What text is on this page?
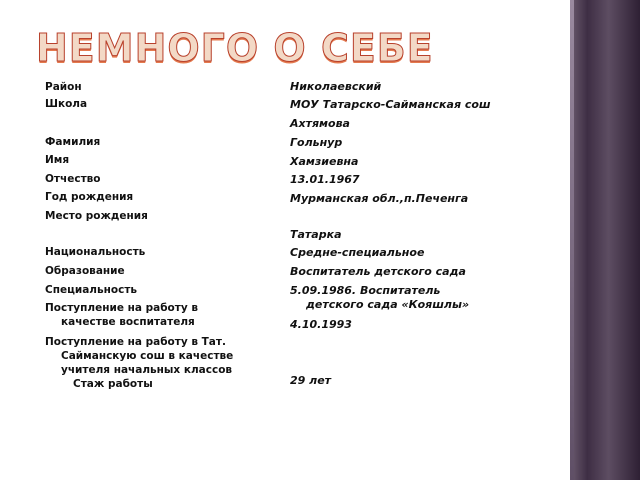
НЕМНОГО О СЕБЕ
Район
Школа
Фамилия
Имя
Отчество
Год рождения
Место рождения
Национальность
Образование
Специальность
Поступление на работу в
качестве воспитателя
Поступление на работу в Тат.
Сайманскую сош в качестве
учителя начальных классов
Стаж работы
Николаевский
МОУ Татарско-Сайманская сош
Ахтямова
Гольнур
Хамзиевна
13.01.1967
Мурманская обл.,п.Печенга
Татарка
Средне-специальное
Воспитатель детского сада
5.09.1986. Воспитатель
детского сада «Кояшлы»
4.10.1993
29 лет
